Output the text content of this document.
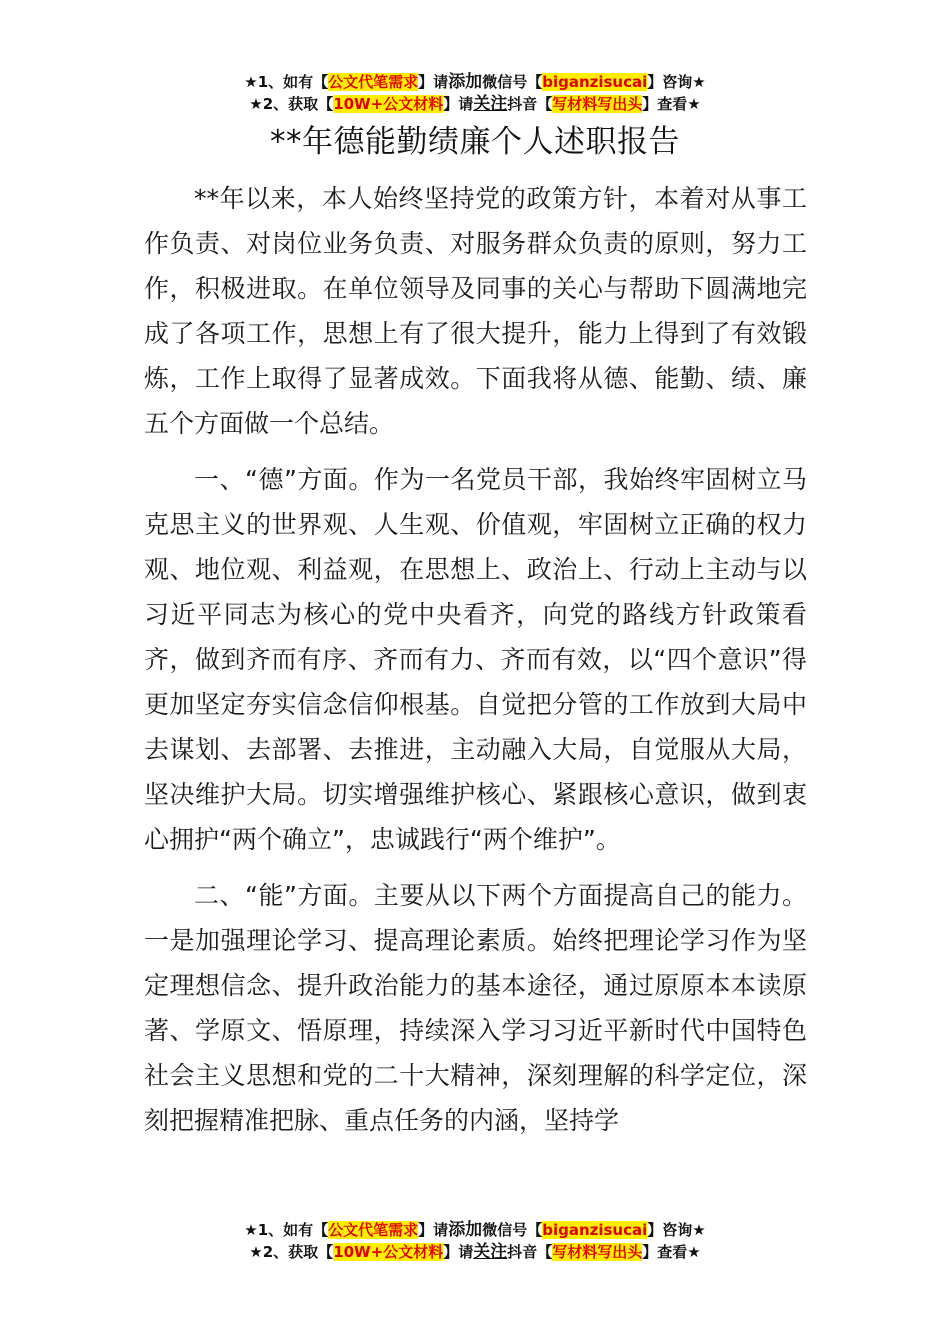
★1、如有【公文代笔需求】请添加微信号【biganzisucai】咨询★
★2、获取【10W+公文材料】请关注抖音【写材料写出头】查看★
**年德能勤绩廉个人述职报告

**年以来，本人始终坚持党的政策方针，本着对从事工作负责、对岗位业务负责、对服务群众负责的原则，努力工作，积极进取。在单位领导及同事的关心与帮助下圆满地完成了各项工作，思想上有了很大提升，能力上得到了有效锻炼，工作上取得了显著成效。下面我将从德、能勤、绩、廉五个方面做一个总结。

一、“德”方面。作为一名党员干部，我始终牢固树立马克思主义的世界观、人生观、价值观，牢固树立正确的权力观、地位观、利益观，在思想上、政治上、行动上主动与以习近平同志为核心的党中央看齐，向党的路线方针政策看齐，做到齐而有序、齐而有力、齐而有效，以“四个意识”得更加坚定夯实信念信仰根基。自觉把分管的工作放到大局中去谋划、去部署、去推进，主动融入大局，自觉服从大局，坚决维护大局。切实增强维护核心、紧跟核心意识，做到衷心拥护“两个确立”，忠诚践行“两个维护”。

二、“能”方面。主要从以下两个方面提高自己的能力。一是加强理论学习、提高理论素质。始终把理论学习作为坚定理想信念、提升政治能力的基本途径，通过原原本本读原著、学原文、悟原理，持续深入学习习近平新时代中国特色社会主义思想和党的二十大精神，深刻理解的科学定位，深刻把握精准把脉、重点任务的内涵，坚持学

★1、如有【公文代笔需求】请添加微信号【biganzisucai】咨询★
★2、获取【10W+公文材料】请关注抖音【写材料写出头】查看★
